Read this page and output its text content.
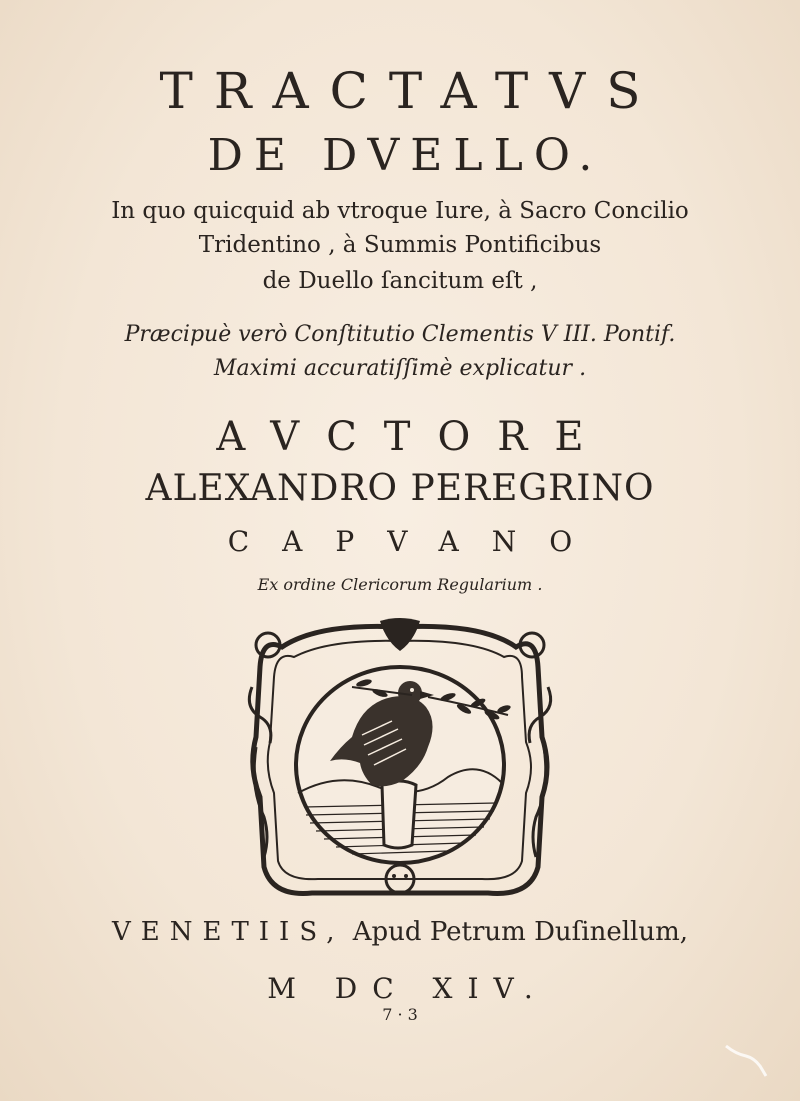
TRACTATVS
DE DVELLO.
In quo quicquid ab vtroque Iure, à Sacro Concilio
Tridentino , à Summis Pontificibus
de Duello ſancitum eſt ,
Præcipuè verò Conſtitutio Clementis V III. Pontif.
Maximi accuratiſſimè explicatur .
AVCTORE
ALEXANDRO PEREGRINO
CAPVANO
Ex ordine Clericorum Regularium .
VENETIIS, Apud Petrum Duſinellum,
M DC XIV.
7 · 3
